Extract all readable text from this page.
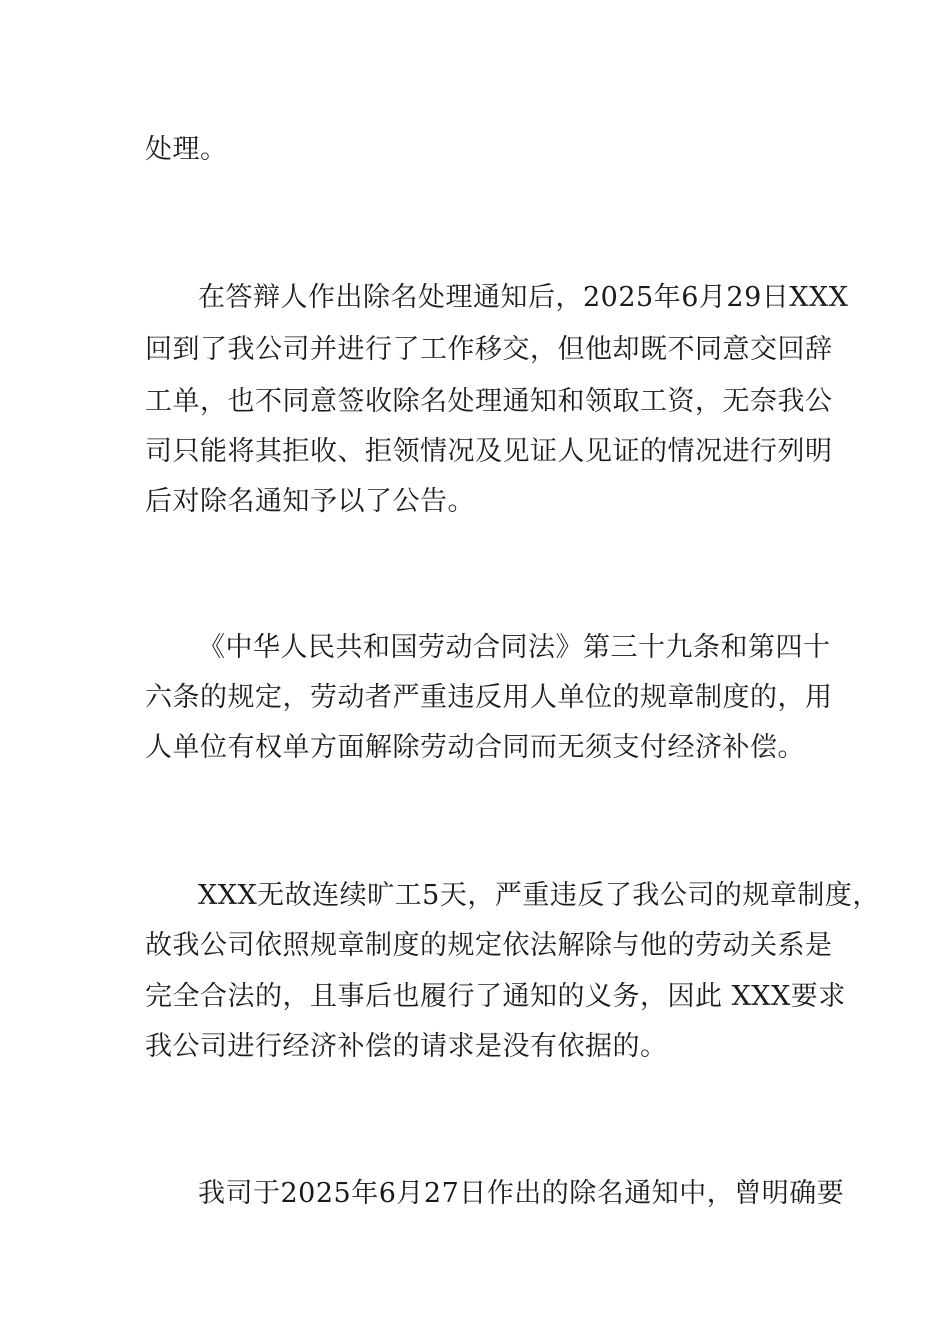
处理。
在答辩人作出除名处理通知后，2025年6月29日XXX
回到了我公司并进行了工作移交，但他却既不同意交回辞
工单，也不同意签收除名处理通知和领取工资，无奈我公
司只能将其拒收、拒领情况及见证人见证的情况进行列明
后对除名通知予以了公告。
《中华人民共和国劳动合同法》第三十九条和第四十
六条的规定，劳动者严重违反用人单位的规章制度的，用
人单位有权单方面解除劳动合同而无须支付经济补偿。
XXX无故连续旷工5天，严重违反了我公司的规章制度，
故我公司依照规章制度的规定依法解除与他的劳动关系是
完全合法的，且事后也履行了通知的义务，因此 XXX要求
我公司进行经济补偿的请求是没有依据的。
我司于2025年6月27日作出的除名通知中，曾明确要
